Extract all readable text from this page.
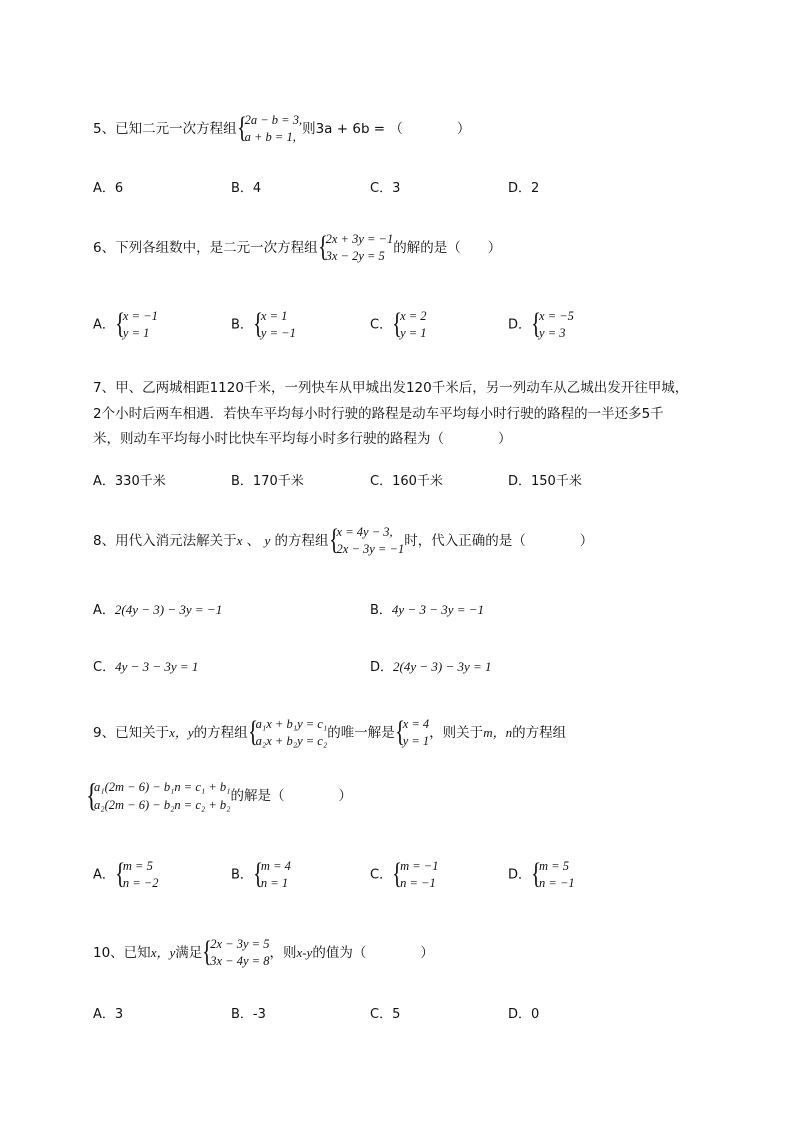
5、已知二元一次方程组 {
2a − b = 3,
a + b = 1, 则3a + 6b = （　　　　）
A．6	B．4	C．3	D．2
6、下列各组数中，是二元一次方程组 {
2x + 3y = −1
3x − 2y = 5 的解的是（　　）
A． {
x = −1
y = 1
B． {
x = 1
y = −1
C． {
x = 2
y = 1
D． {
x = −5
y = 3
7、甲、乙两城相距1120千米，一列快车从甲城出发120千米后，另一列动车从乙城出发开往甲城，
2个小时后两车相遇．若快车平均每小时行驶的路程是动车平均每小时行驶的路程的一半还多5千
米，则动车平均每小时比快车平均每小时多行驶的路程为（　　　　）
A．330千米	B．170千米	C．160千米	D．150千米
8、用代入消元法解关于x 、 y 的方程组 {
x = 4y − 3,
2x − 3y = −1 时，代入正确的是（　　　　）
A．2(4y − 3) − 3y = −1	B．4y − 3 − 3y = −1
C．4y − 3 − 3y = 1	D．2(4y − 3) − 3y = 1
9、已知关于x，y的方程组 {
a₁x + b₁y = c₁
a₂x + b₂y = c₂ 的唯一解是 {
x = 4
y = 1 ，则关于m，n的方程组
{
a₁(2m − 6) − b₁n = c₁ + b₁
a₂(2m − 6) − b₂n = c₂ + b₂
的解是（　　　　）
A． {
m = 5
n = −2
B． {
m = 4
n = 1
C． {
m = −1
n = −1
D． {
m = 5
n = −1
10、已知x，y满足 {
2x − 3y = 5
3x − 4y = 8 ，则x-y的值为（　　　　）
A．3	B．-3	C．5	D．0
